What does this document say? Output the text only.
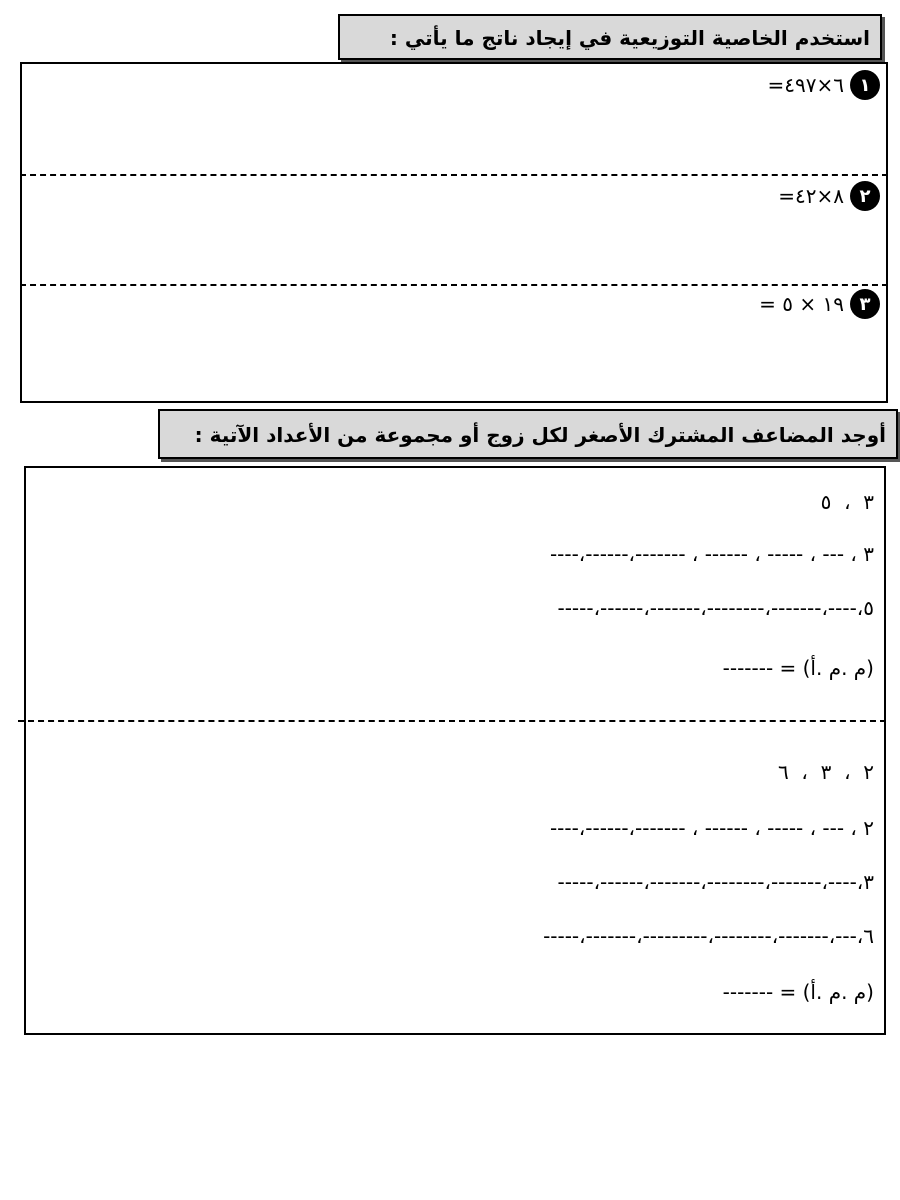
استخدم الخاصية التوزيعية في إيجاد ناتج ما يأتي :
١
=٦×٤٩٧
٢
=٨×٤٢
٣
= ١٩ × ٥
أوجد المضاعف المشترك الأصغر لكل زوج أو مجموعة من الأعداد الآتية :
٣  ،  ٥
٣ ، --- ، ----- ، ------ ، -------،------،----
٥،----،-------،--------،-------،------،-----
(م .م .أ) = -------
٢  ،  ٣  ،  ٦
٢ ، --- ، ----- ، ------ ، -------،------،----
٣،----،-------،--------،-------،------،-----
٦،---،-------،--------،---------،-------،-----
(م .م .أ) = -------
